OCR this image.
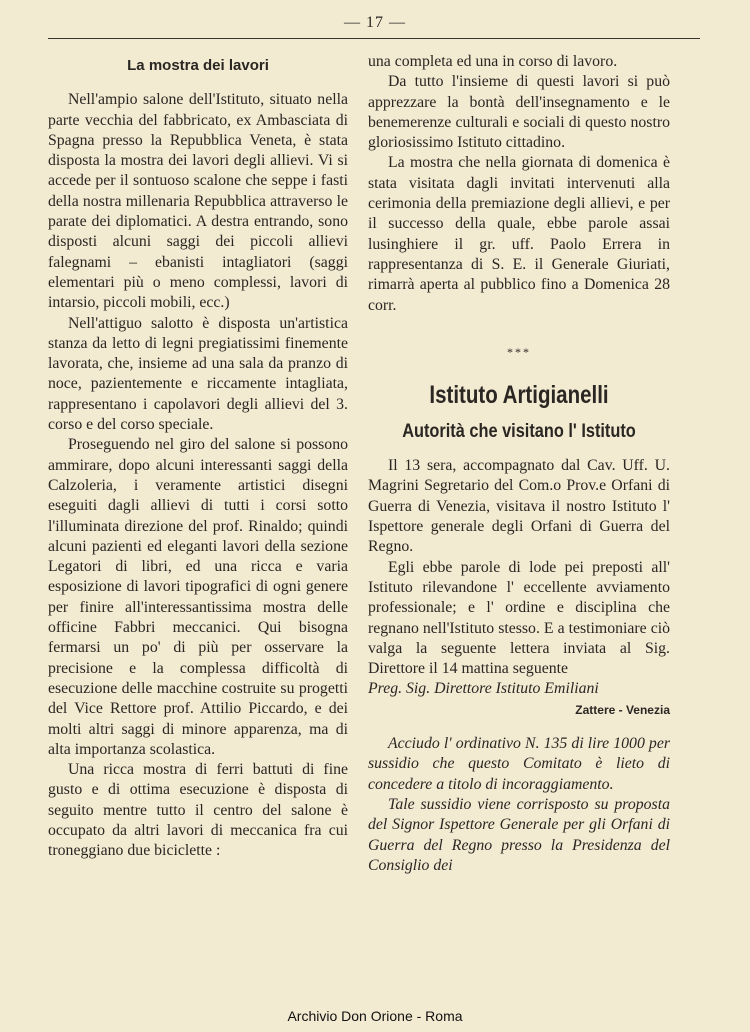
— 17 —
La mostra dei lavori

Nell'ampio salone dell'Istituto, situato nella parte vecchia del fabbricato, ex Ambasciata di Spagna presso la Repubblica Veneta, è stata disposta la mostra dei lavori degli allievi. Vi si accede per il sontuoso scalone che seppe i fasti della nostra millenaria Repubblica attraverso le parate dei diplomatici. A destra entrando, sono disposti alcuni saggi dei piccoli allievi falegnami – ebanisti intagliatori (saggi elementari più o meno complessi, lavori di intarsio, piccoli mobili, ecc.)

Nell'attiguo salotto è disposta un'artistica stanza da letto di legni pregiatissimi finemente lavorata, che, insieme ad una sala da pranzo di noce, pazientemente e riccamente intagliata, rappresentano i capolavori degli allievi del 3. corso e del corso speciale.

Proseguendo nel giro del salone si possono ammirare, dopo alcuni interessanti saggi della Calzoleria, i veramente artistici disegni eseguiti dagli allievi di tutti i corsi sotto l'illuminata direzione del prof. Rinaldo; quindi alcuni pazienti ed eleganti lavori della sezione Legatori di libri, ed una ricca e varia esposizione di lavori tipografici di ogni genere per finire all'interessantissima mostra delle officine Fabbri meccanici. Qui bisogna fermarsi un po' di più per osservare la precisione e la complessa difficoltà di esecuzione delle macchine costruite su progetti del Vice Rettore prof. Attilio Piccardo, e dei molti altri saggi di minore apparenza, ma di alta importanza scolastica.

Una ricca mostra di ferri battuti di fine gusto e di ottima esecuzione è disposta di seguito mentre tutto il centro del salone è occupato da altri lavori di meccanica fra cui troneggiano due biciclette :

una completa ed una in corso di lavoro.

Da tutto l'insieme di questi lavori si può apprezzare la bontà dell'insegnamento e le benemerenze culturali e sociali di questo nostro gloriosissimo Istituto cittadino.

La mostra che nella giornata di domenica è stata visitata dagli invitati intervenuti alla cerimonia della premiazione degli allievi, e per il successo della quale, ebbe parole assai lusinghiere il gr. uff. Paolo Errera in rappresentanza di S. E. il Generale Giuriati, rimarrà aperta al pubblico fino a Domenica 28 corr.

***
Istituto Artigianelli
Autorità che visitano l' Istituto

Il 13 sera, accompagnato dal Cav. Uff. U. Magrini Segretario del Com.o Prov.e Orfani di Guerra di Venezia, visitava il nostro Istituto l' Ispettore generale degli Orfani di Guerra del Regno.

Egli ebbe parole di lode pei preposti all' Istituto rilevandone l' eccellente avviamento professionale; e l' ordine e disciplina che regnano nell'Istituto stesso. E a testimoniare ciò valga la seguente lettera inviata al Sig. Direttore il 14 mattina seguente

Preg. Sig. Direttore Istituto Emiliani

Zattere - Venezia

Acciudo l' ordinativo N. 135 di lire 1000 per sussidio che questo Comitato è lieto di concedere a titolo di incoraggiamento.

Tale sussidio viene corrisposto su proposta del Signor Ispettore Generale per gli Orfani di Guerra del Regno presso la Presidenza del Consiglio dei

Archivio Don Orione - Roma
